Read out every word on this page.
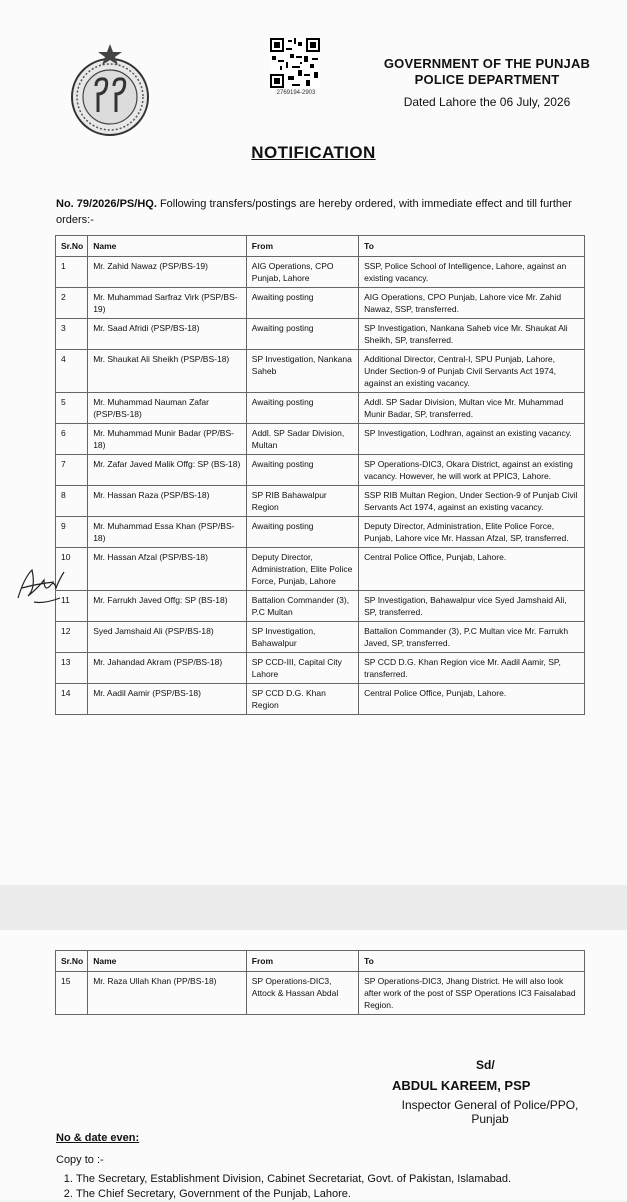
2769194-2903
GOVERNMENT OF THE PUNJAB
POLICE DEPARTMENT
Dated Lahore the 06 July, 2026
NOTIFICATION
No. 79/2026/PS/HQ. Following transfers/postings are hereby ordered, with immediate effect and till further orders:-
Sr.No	Name	From	To
1	Mr. Zahid Nawaz (PSP/BS-19)	AIG Operations, CPO Punjab, Lahore	SSP, Police School of Intelligence, Lahore, against an existing vacancy.
2	Mr. Muhammad Sarfraz Virk (PSP/BS-19)	Awaiting posting	AIG Operations, CPO Punjab, Lahore vice Mr. Zahid Nawaz, SSP, transferred.
3	Mr. Saad Afridi (PSP/BS-18)	Awaiting posting	SP Investigation, Nankana Saheb vice Mr. Shaukat Ali Sheikh, SP, transferred.
4	Mr. Shaukat Ali Sheikh (PSP/BS-18)	SP Investigation, Nankana Saheb	Additional Director, Central-I, SPU Punjab, Lahore, Under Section-9 of Punjab Civil Servants Act 1974, against an existing vacancy.
5	Mr. Muhammad Nauman Zafar (PSP/BS-18)	Awaiting posting	Addl. SP Sadar Division, Multan vice Mr. Muhammad Munir Badar, SP, transferred.
6	Mr. Muhammad Munir Badar (PP/BS-18)	Addl. SP Sadar Division, Multan	SP Investigation, Lodhran, against an existing vacancy.
7	Mr. Zafar Javed Malik Offg: SP (BS-18)	Awaiting posting	SP Operations-DIC3, Okara District, against an existing vacancy. However, he will work at PPIC3, Lahore.
8	Mr. Hassan Raza (PSP/BS-18)	SP RIB Bahawalpur Region	SSP RIB Multan Region, Under Section-9 of Punjab Civil Servants Act 1974, against an existing vacancy.
9	Mr. Muhammad Essa Khan (PSP/BS-18)	Awaiting posting	Deputy Director, Administration, Elite Police Force, Punjab, Lahore vice Mr. Hassan Afzal, SP, transferred.
10	Mr. Hassan Afzal (PSP/BS-18)	Deputy Director, Administration, Elite Police Force, Punjab, Lahore	Central Police Office, Punjab, Lahore.
11	Mr. Farrukh Javed Offg: SP (BS-18)	Battalion Commander (3), P.C Multan	SP Investigation, Bahawalpur vice Syed Jamshaid Ali, SP, transferred.
12	Syed Jamshaid Ali (PSP/BS-18)	SP Investigation, Bahawalpur	Battalion Commander (3), P.C Multan vice Mr. Farrukh Javed, SP, transferred.
13	Mr. Jahandad Akram (PSP/BS-18)	SP CCD-III, Capital City Lahore	SP CCD D.G. Khan Region vice Mr. Aadil Aamir, SP, transferred.
14	Mr. Aadil Aamir (PSP/BS-18)	SP CCD D.G. Khan Region	Central Police Office, Punjab, Lahore.
Sr.No	Name	From	To
15	Mr. Raza Ullah Khan (PP/BS-18)	SP Operations-DIC3, Attock & Hassan Abdal	SP Operations-DIC3, Jhang District. He will also look after work of the post of SSP Operations IC3 Faisalabad Region.
Sd/
ABDUL KAREEM, PSP
Inspector General of Police/PPO,
Punjab
No & date even:
Copy to :-
1. The Secretary, Establishment Division, Cabinet Secretariat, Govt. of Pakistan, Islamabad.
2. The Chief Secretary, Government of the Punjab, Lahore.
